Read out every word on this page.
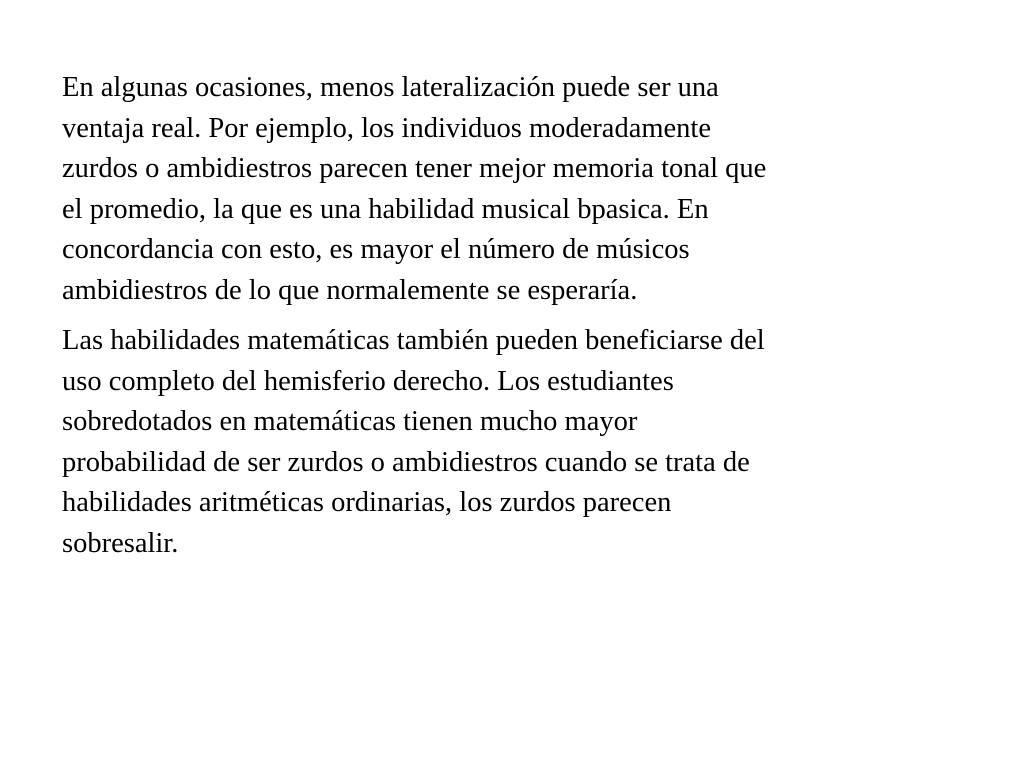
En algunas ocasiones, menos lateralización puede ser una
ventaja real. Por ejemplo, los individuos moderadamente
zurdos o ambidiestros parecen tener mejor memoria tonal que
el promedio, la que es una habilidad musical bpasica. En
concordancia con esto, es mayor el número de músicos
ambidiestros de lo que normalemente se esperaría.

Las habilidades matemáticas también pueden beneficiarse del
uso completo del hemisferio derecho. Los estudiantes
sobredotados en matemáticas tienen mucho mayor
probabilidad de ser zurdos o ambidiestros cuando se trata de
habilidades aritméticas ordinarias, los zurdos parecen
sobresalir.
